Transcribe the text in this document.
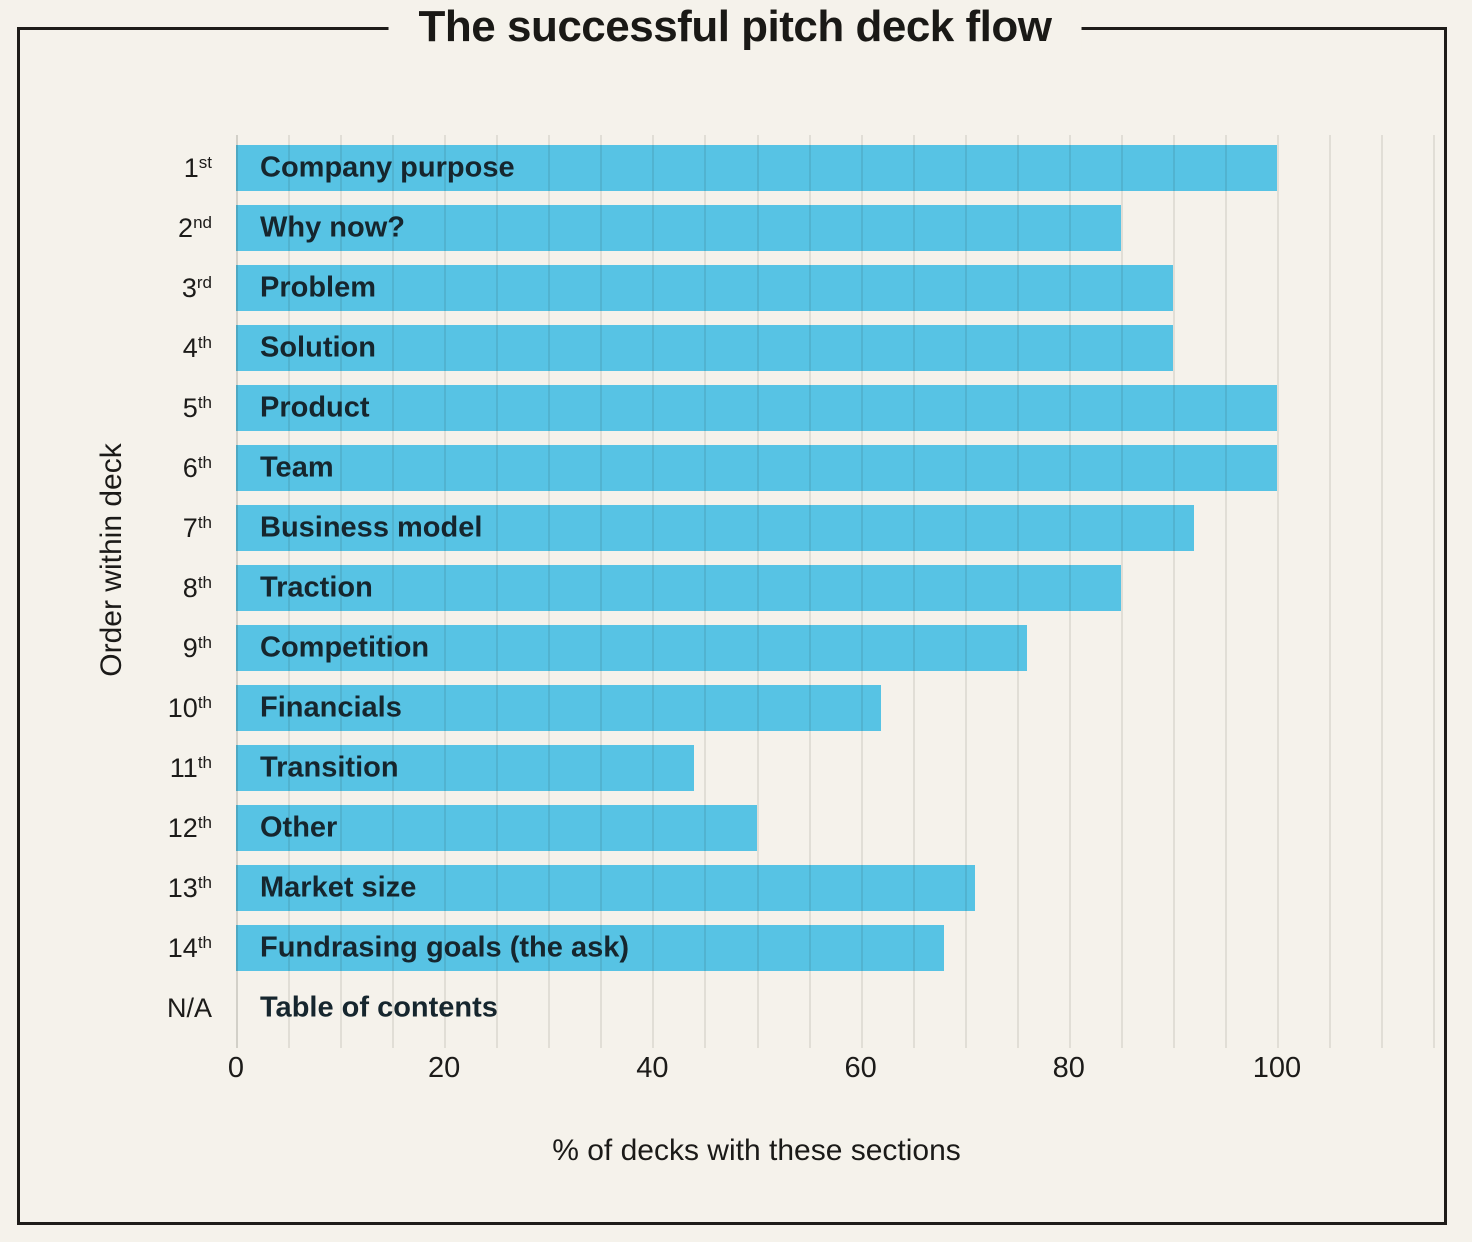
The successful pitch deck flow
Order within deck
1st
2nd
3rd
4th
5th
6th
7th
8th
9th
10th
11th
12th
13th
14th
N/A
Company purpose
Why now?
Problem
Solution
Product
Team
Business model
Traction
Competition
Financials
Transition
Other
Market size
Fundrasing goals (the ask)
Table of contents
0	20	40	60	80	100
% of decks with these sections
